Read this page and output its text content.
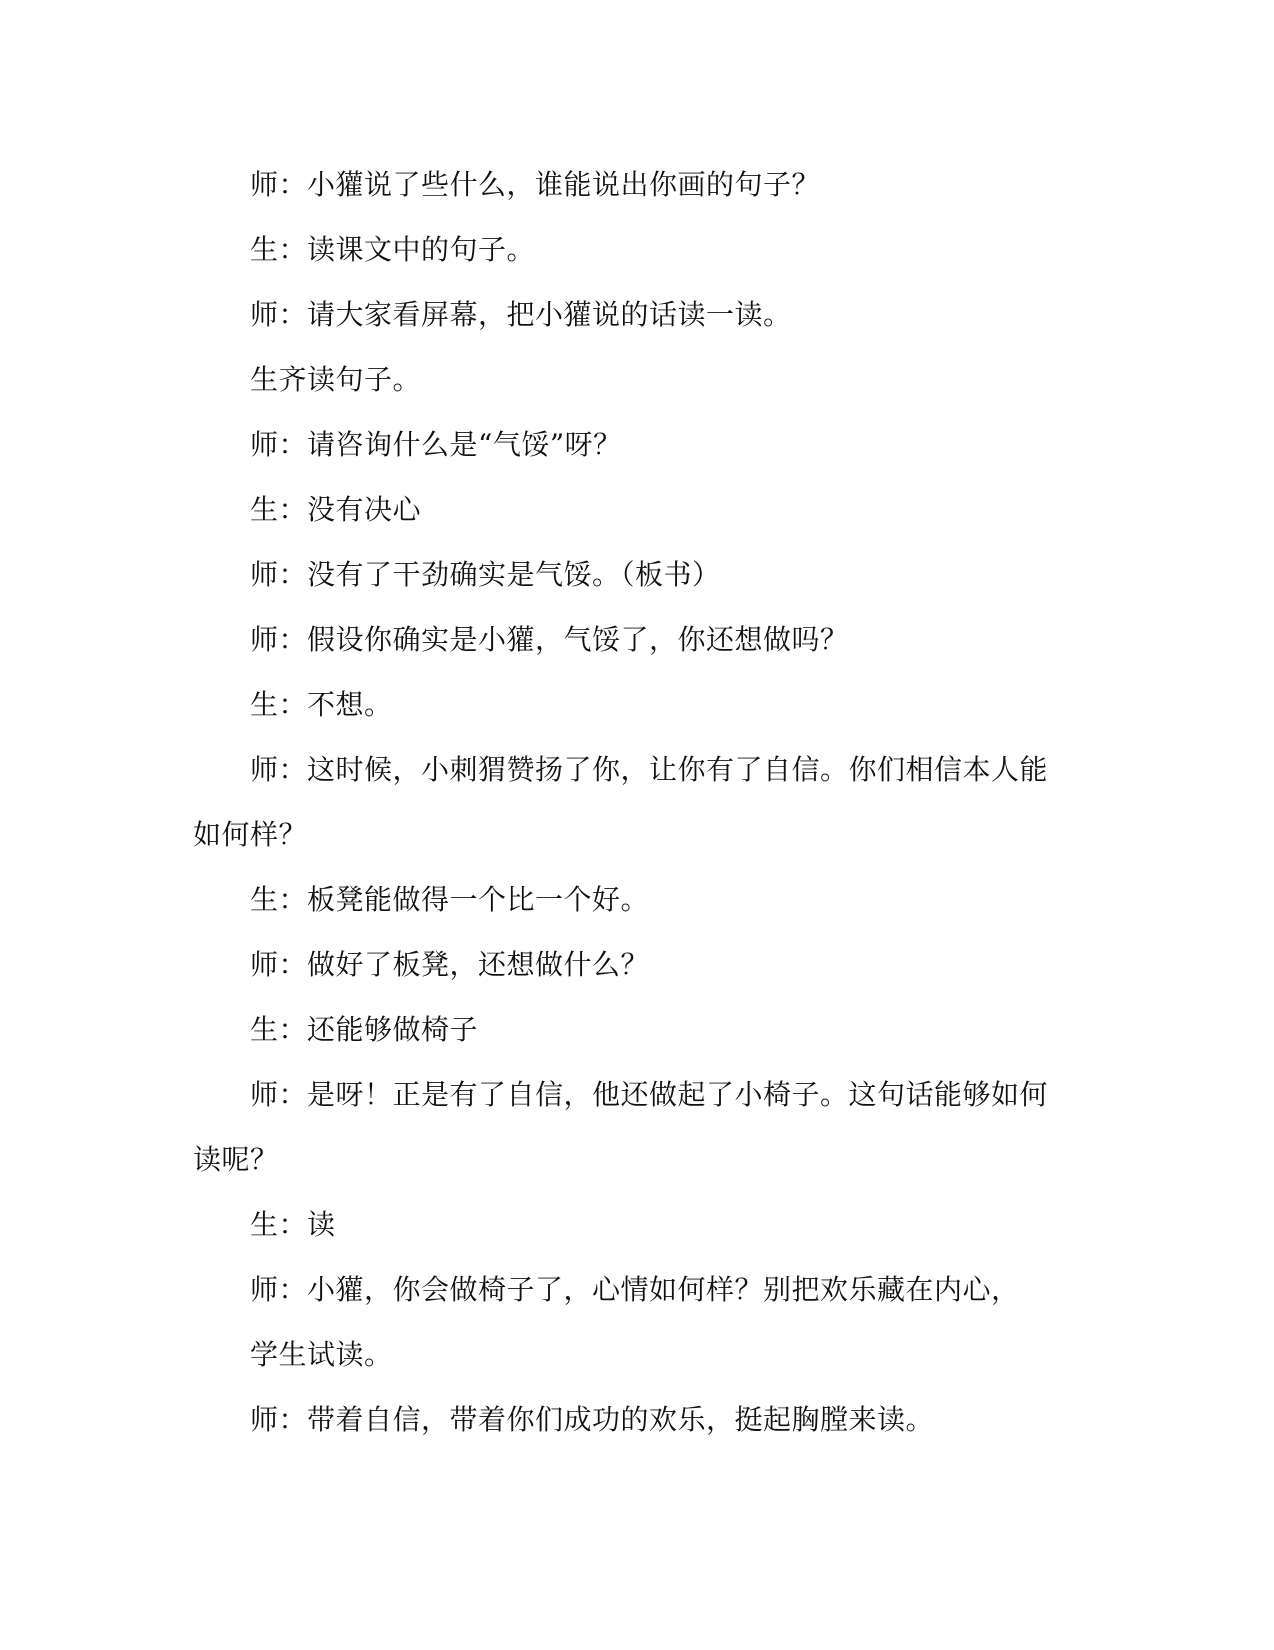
师：小獾说了些什么，谁能说出你画的句子？

生：读课文中的句子。

师：请大家看屏幕，把小獾说的话读一读。

生齐读句子。

师：请咨询什么是“气馁”呀？

生：没有决心

师：没有了干劲确实是气馁。（板书）

师：假设你确实是小獾，气馁了，你还想做吗？

生：不想。

师：这时候，小刺猬赞扬了你，让你有了自信。你们相信本人能如何样？

生：板凳能做得一个比一个好。

师：做好了板凳，还想做什么？

生：还能够做椅子

师：是呀！正是有了自信，他还做起了小椅子。这句话能够如何读呢？

生：读

师：小獾，你会做椅子了，心情如何样？别把欢乐藏在内心，

学生试读。

师：带着自信，带着你们成功的欢乐，挺起胸膛来读。
